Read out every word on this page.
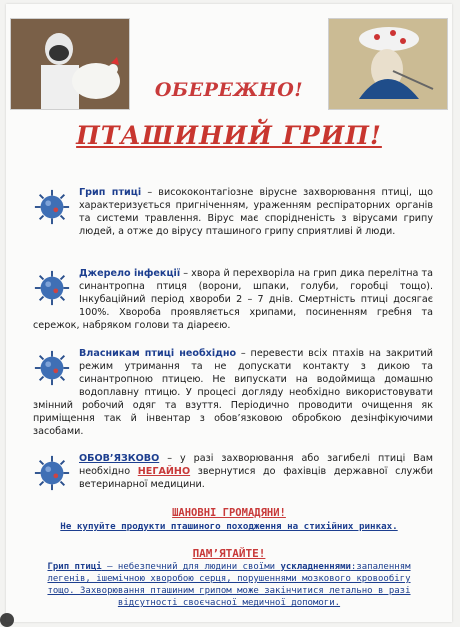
ОБЕРЕЖНО!
ПТАШИНИЙ ГРИП!
Грип птиці – висококонтагіозне вірусне захворювання птиці, що характеризується пригніченням, ураженням респіраторних органів та системи травлення. Вірус має спорідненість з вірусами грипу людей, а отже до вірусу пташиного грипу сприятливі й люди.
Джерело інфекції – хвора й перехворіла на грип дика перелітна та синантропна птиця (ворони, шпаки, голуби, горобці тощо). Інкубаційний період хвороби 2 – 7 днів. Смертність птиці досягає 100%. Хвороба проявляється хрипами, посиненням гребня та сережок, набряком голови та діареєю.
Власникам птиці необхідно – перевести всіх птахів на закритий режим утримання та не допускати контакту з дикою та синантропною птицею. Не випускати на водоймища домашню водоплавну птицю. У процесі догляду необхідно використовувати змінний робочий одяг та взуття. Періодично проводити очищення як приміщення так й інвентар з обов’язковою обробкою дезінфікуючими засобами.
ОБОВ’ЯЗКОВО – у разі захворювання або загибелі птиці Вам необхідно НЕГАЙНО звернутися до фахівців державної служби ветеринарної медицини.
ШАНОВНІ ГРОМАДЯНИ!
Не купуйте продукти пташиного походження на стихійних ринках.
ПАМ’ЯТАЙТЕ!
Грип птиці – небезпечний для людини своїми ускладненнями:запаленням легенів, ішемічною хворобою серця, порушеннями мозкового кровообігу тощо. Захворювання пташиним грипом може закінчитися летально в разі відсутності своєчасної медичної допомоги.
